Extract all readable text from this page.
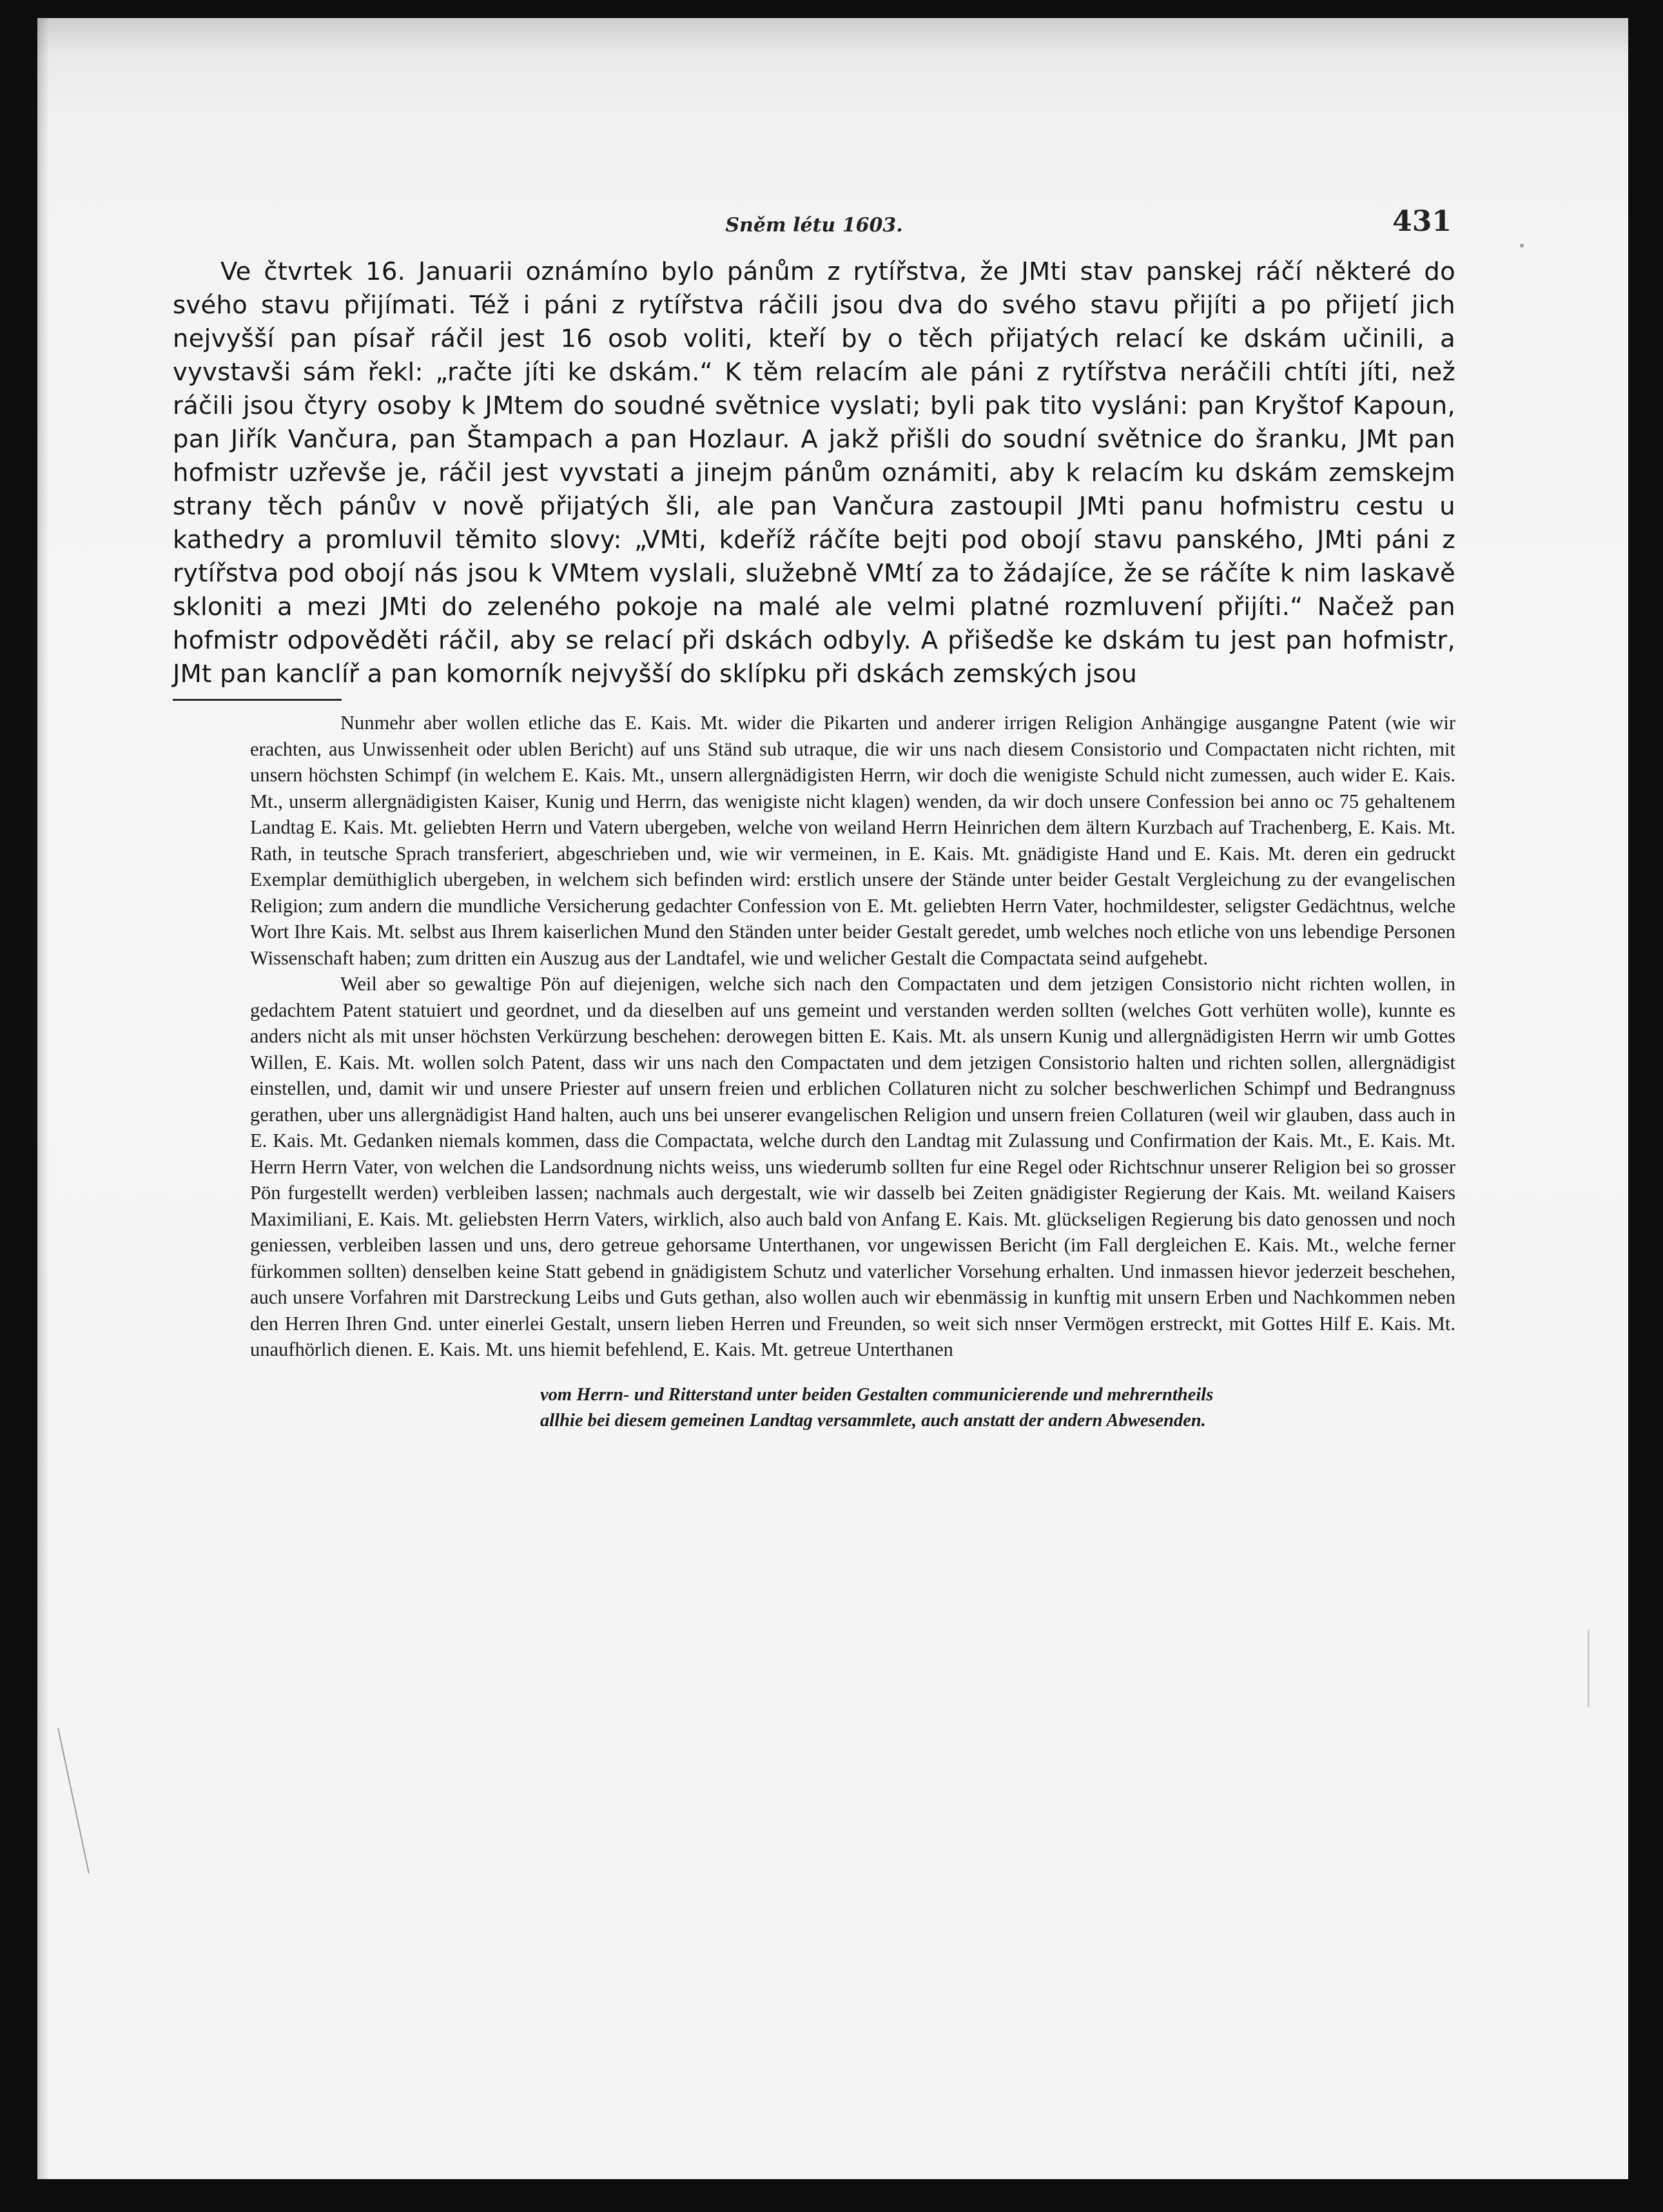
Sněm létu 1603.	431

Ve čtvrtek 16. Januarii oznámíno bylo pánům z rytířstva, že JMti stav panskej ráčí některé do svého stavu přijímati. Též i páni z rytířstva ráčili jsou dva do svého stavu přijíti a po přijetí jich nejvyšší pan písař ráčil jest 16 osob voliti, kteří by o těch přijatých relací ke dskám učinili, a vyvstavši sám řekl: „račte jíti ke dskám.“ K těm relacím ale páni z rytířstva neráčili chtíti jíti, než ráčili jsou čtyry osoby k JMtem do soudné světnice vyslati; byli pak tito vysláni: pan Kryštof Kapoun, pan Jiřík Vančura, pan Štampach a pan Hozlaur. A jakž přišli do soudní světnice do šranku, JMt pan hofmistr uzřevše je, ráčil jest vyvstati a jinejm pánům oznámiti, aby k relacím ku dskám zemskejm strany těch pánův v nově přijatých šli, ale pan Vančura zastoupil JMti panu hofmistru cestu u kathedry a promluvil těmito slovy: „VMti, kdeříž ráčíte bejti pod obojí stavu panského, JMti páni z rytířstva pod obojí nás jsou k VMtem vyslali, služebně VMtí za to žádajíce, že se ráčíte k nim laskavě skloniti a mezi JMti do zeleného pokoje na malé ale velmi platné rozmluvení přijíti.“ Načež pan hofmistr odpověděti ráčil, aby se relací při dskách odbyly. A přišedše ke dskám tu jest pan hofmistr, JMt pan kanclíř a pan komorník nejvyšší do sklípku při dskách zemských jsou

Nunmehr aber wollen etliche das E. Kais. Mt. wider die Pikarten und anderer irrigen Religion Anhängige ausgangne Patent (wie wir erachten, aus Unwissenheit oder ublen Bericht) auf uns Ständ sub utraque, die wir uns nach diesem Consistorio und Compactaten nicht richten, mit unsern höchsten Schimpf (in welchem E. Kais. Mt., unsern allergnädigisten Herrn, wir doch die wenigiste Schuld nicht zumessen, auch wider E. Kais. Mt., unserm allergnädigisten Kaiser, Kunig und Herrn, das wenigiste nicht klagen) wenden, da wir doch unsere Confession bei anno oc 75 gehaltenem Landtag E. Kais. Mt. geliebten Herrn und Vatern ubergeben, welche von weiland Herrn Heinrichen dem ältern Kurzbach auf Trachenberg, E. Kais. Mt. Rath, in teutsche Sprach transferiert, abgeschrieben und, wie wir vermeinen, in E. Kais. Mt. gnädigiste Hand und E. Kais. Mt. deren ein gedruckt Exemplar demüthiglich ubergeben, in welchem sich befinden wird: erstlich unsere der Stände unter beider Gestalt Vergleichung zu der evangelischen Religion; zum andern die mundliche Versicherung gedachter Confession von E. Mt. geliebten Herrn Vater, hochmildester, seligster Gedächtnus, welche Wort Ihre Kais. Mt. selbst aus Ihrem kaiserlichen Mund den Ständen unter beider Gestalt geredet, umb welches noch etliche von uns lebendige Personen Wissenschaft haben; zum dritten ein Auszug aus der Landtafel, wie und welicher Gestalt die Compactata seind aufgehebt.

Weil aber so gewaltige Pön auf diejenigen, welche sich nach den Compactaten und dem jetzigen Consistorio nicht richten wollen, in gedachtem Patent statuiert und geordnet, und da dieselben auf uns gemeint und verstanden werden sollten (welches Gott verhüten wolle), kunnte es anders nicht als mit unser höchsten Verkürzung beschehen: derowegen bitten E. Kais. Mt. als unsern Kunig und allergnädigisten Herrn wir umb Gottes Willen, E. Kais. Mt. wollen solch Patent, dass wir uns nach den Compactaten und dem jetzigen Consistorio halten und richten sollen, allergnädigist einstellen, und, damit wir und unsere Priester auf unsern freien und erblichen Collaturen nicht zu solcher beschwerlichen Schimpf und Bedrangnuss gerathen, uber uns allergnädigist Hand halten, auch uns bei unserer evangelischen Religion und unsern freien Collaturen (weil wir glauben, dass auch in E. Kais. Mt. Gedanken niemals kommen, dass die Compactata, welche durch den Landtag mit Zulassung und Confirmation der Kais. Mt., E. Kais. Mt. Herrn Herrn Vater, von welchen die Landsordnung nichts weiss, uns wiederumb sollten fur eine Regel oder Richtschnur unserer Religion bei so grosser Pön furgestellt werden) verbleiben lassen; nachmals auch dergestalt, wie wir dasselb bei Zeiten gnädigister Regierung der Kais. Mt. weiland Kaisers Maximiliani, E. Kais. Mt. geliebsten Herrn Vaters, wirklich, also auch bald von Anfang E. Kais. Mt. glückseligen Regierung bis dato genossen und noch geniessen, verbleiben lassen und uns, dero getreue gehorsame Unterthanen, vor ungewissen Bericht (im Fall dergleichen E. Kais. Mt., welche ferner fürkommen sollten) denselben keine Statt gebend in gnädigistem Schutz und vaterlicher Vorsehung erhalten. Und inmassen hievor jederzeit beschehen, auch unsere Vorfahren mit Darstreckung Leibs und Guts gethan, also wollen auch wir ebenmässig in kunftig mit unsern Erben und Nachkommen neben den Herren Ihren Gnd. unter einerlei Gestalt, unsern lieben Herren und Freunden, so weit sich nnser Vermögen erstreckt, mit Gottes Hilf E. Kais. Mt. unaufhörlich dienen. E. Kais. Mt. uns hiemit befehlend, E. Kais. Mt. getreue Unterthanen

vom Herrn- und Ritterstand unter beiden Gestalten communicierende und mehrerntheils
allhie bei diesem gemeinen Landtag versammlete, auch anstatt der andern Abwesenden.
